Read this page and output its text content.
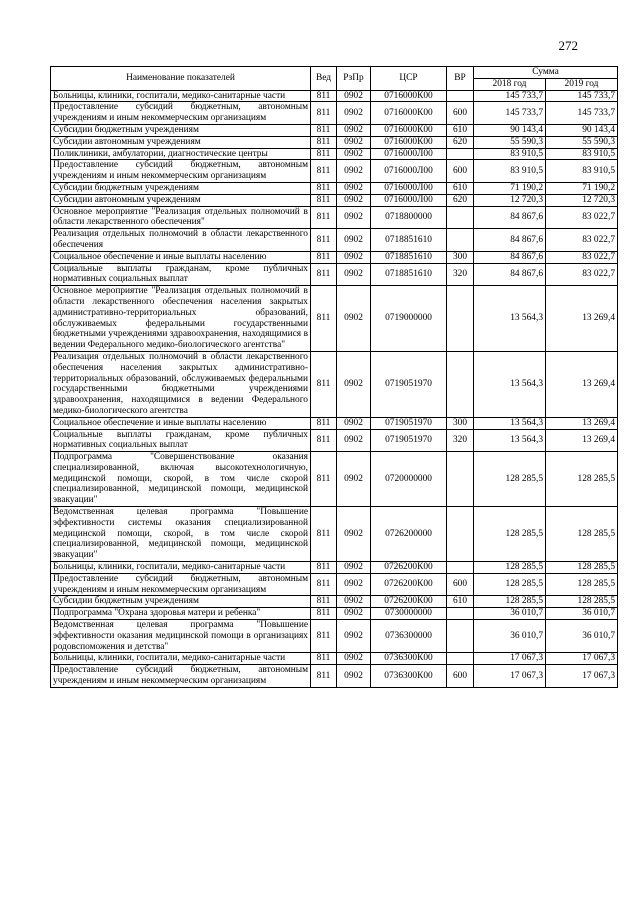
272
Наименование показателей	Вед	РзПр	ЦСР	ВР	Сумма	
					2018 год	2019 год
Больницы, клиники, госпитали, медико-санитарные части	811	0902	0716000К00		145 733,7	145 733,7
Предоставление субсидий бюджетным, автономным учреждениям и иным некоммерческим организациям	811	0902	0716000К00	600	145 733,7	145 733,7
Субсидии бюджетным учреждениям	811	0902	0716000К00	610	90 143,4	90 143,4
Субсидии автономным учреждениям	811	0902	0716000К00	620	55 590,3	55 590,3
Поликлиники, амбулатории, диагностические центры	811	0902	0716000Л00		83 910,5	83 910,5
Предоставление субсидий бюджетным, автономным учреждениям и иным некоммерческим организациям	811	0902	0716000Л00	600	83 910,5	83 910,5
Субсидии бюджетным учреждениям	811	0902	0716000Л00	610	71 190,2	71 190,2
Субсидии автономным учреждениям	811	0902	0716000Л00	620	12 720,3	12 720,3
Основное мероприятие "Реализация отдельных полномочий в области лекарственного обеспечения"	811	0902	0718800000		84 867,6	83 022,7
Реализация отдельных полномочий в области лекарственного обеспечения	811	0902	0718851610		84 867,6	83 022,7
Социальное обеспечение и иные выплаты населению	811	0902	0718851610	300	84 867,6	83 022,7
Социальные выплаты гражданам, кроме публичных нормативных социальных выплат	811	0902	0718851610	320	84 867,6	83 022,7
Основное мероприятие "Реализация отдельных полномочий в области лекарственного обеспечения населения закрытых административно-территориальных образований, обслуживаемых федеральными государственными бюджетными учреждениями здравоохранения, находящимися в ведении Федерального медико-биологического агентства"	811	0902	0719000000		13 564,3	13 269,4
Реализация отдельных полномочий в области лекарственного обеспечения населения закрытых административно-территориальных образований, обслуживаемых федеральными государственными бюджетными учреждениями здравоохранения, находящимися в ведении Федерального медико-биологического агентства	811	0902	0719051970		13 564,3	13 269,4
Социальное обеспечение и иные выплаты населению	811	0902	0719051970	300	13 564,3	13 269,4
Социальные выплаты гражданам, кроме публичных нормативных социальных выплат	811	0902	0719051970	320	13 564,3	13 269,4
Подпрограмма "Совершенствование оказания специализированной, включая высокотехнологичную, медицинской помощи, скорой, в том числе скорой специализированной, медицинской помощи, медицинской эвакуации"	811	0902	0720000000		128 285,5	128 285,5
Ведомственная целевая программа "Повышение эффективности системы оказания специализированной медицинской помощи, скорой, в том числе скорой специализированной, медицинской помощи, медицинской эвакуации"	811	0902	0726200000		128 285,5	128 285,5
Больницы, клиники, госпитали, медико-санитарные части	811	0902	0726200К00		128 285,5	128 285,5
Предоставление субсидий бюджетным, автономным учреждениям и иным некоммерческим организациям	811	0902	0726200К00	600	128 285,5	128 285,5
Субсидии бюджетным учреждениям	811	0902	0726200К00	610	128 285,5	128 285,5
Подпрограмма "Охрана здоровья матери и ребенка"	811	0902	0730000000		36 010,7	36 010,7
Ведомственная целевая программа "Повышение эффективности оказания медицинской помощи в организациях родовспоможения и детства"	811	0902	0736300000		36 010,7	36 010,7
Больницы, клиники, госпитали, медико-санитарные части	811	0902	0736300К00		17 067,3	17 067,3
Предоставление субсидий бюджетным, автономным учреждениям и иным некоммерческим организациям	811	0902	0736300К00	600	17 067,3	17 067,3
